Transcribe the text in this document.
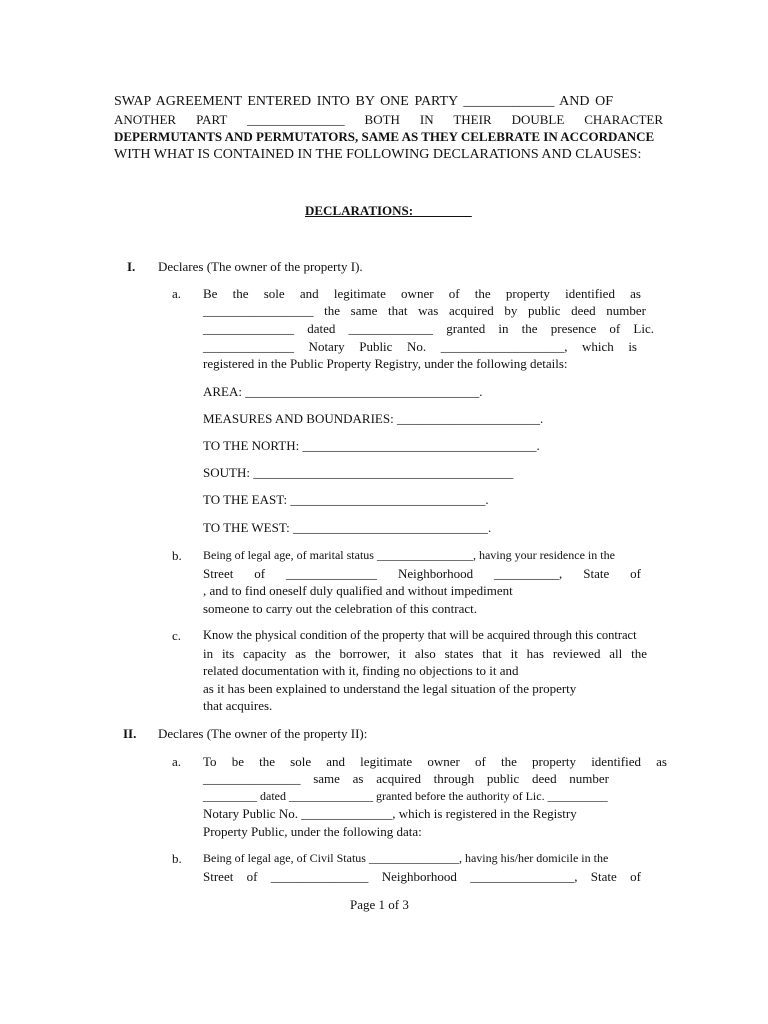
SWAP AGREEMENT ENTERED INTO BY ONE PARTY _____________ AND OF
ANOTHER PART _______________ BOTH IN THEIR DOUBLE CHARACTER
DEPERMUTANTS AND PERMUTATORS, SAME AS THEY CELEBRATE IN ACCORDANCE
WITH WHAT IS CONTAINED IN THE FOLLOWING DECLARATIONS AND CLAUSES:
DECLARATIONS:_________
I. Declares (The owner of the property I).
a. Be the sole and legitimate owner of the property identified as
_________________ the same that was acquired by public deed number
______________ dated _____________ granted in the presence of Lic.
______________ Notary Public No. ___________________, which is
registered in the Public Property Registry, under the following details:
AREA: ____________________________________.
MEASURES AND BOUNDARIES: ______________________.
TO THE NORTH: ____________________________________.
SOUTH: ________________________________________
TO THE EAST: ______________________________.
TO THE WEST: ______________________________.
b. Being of legal age, of marital status ________________, having your residence in the
Street of ______________ Neighborhood __________, State of
, and to find oneself duly qualified and without impediment
someone to carry out the celebration of this contract.
c. Know the physical condition of the property that will be acquired through this contract
in its capacity as the borrower, it also states that it has reviewed all the
related documentation with it, finding no objections to it and
as it has been explained to understand the legal situation of the property
that acquires.
II. Declares (The owner of the property II):
a. To be the sole and legitimate owner of the property identified as
_______________ same as acquired through public deed number
_________ dated ______________ granted before the authority of Lic. __________
Notary Public No. ______________, which is registered in the Registry
Property Public, under the following data:
b. Being of legal age, of Civil Status _______________, having his/her domicile in the
Street of _______________ Neighborhood ________________, State of
Page 1 of 3
